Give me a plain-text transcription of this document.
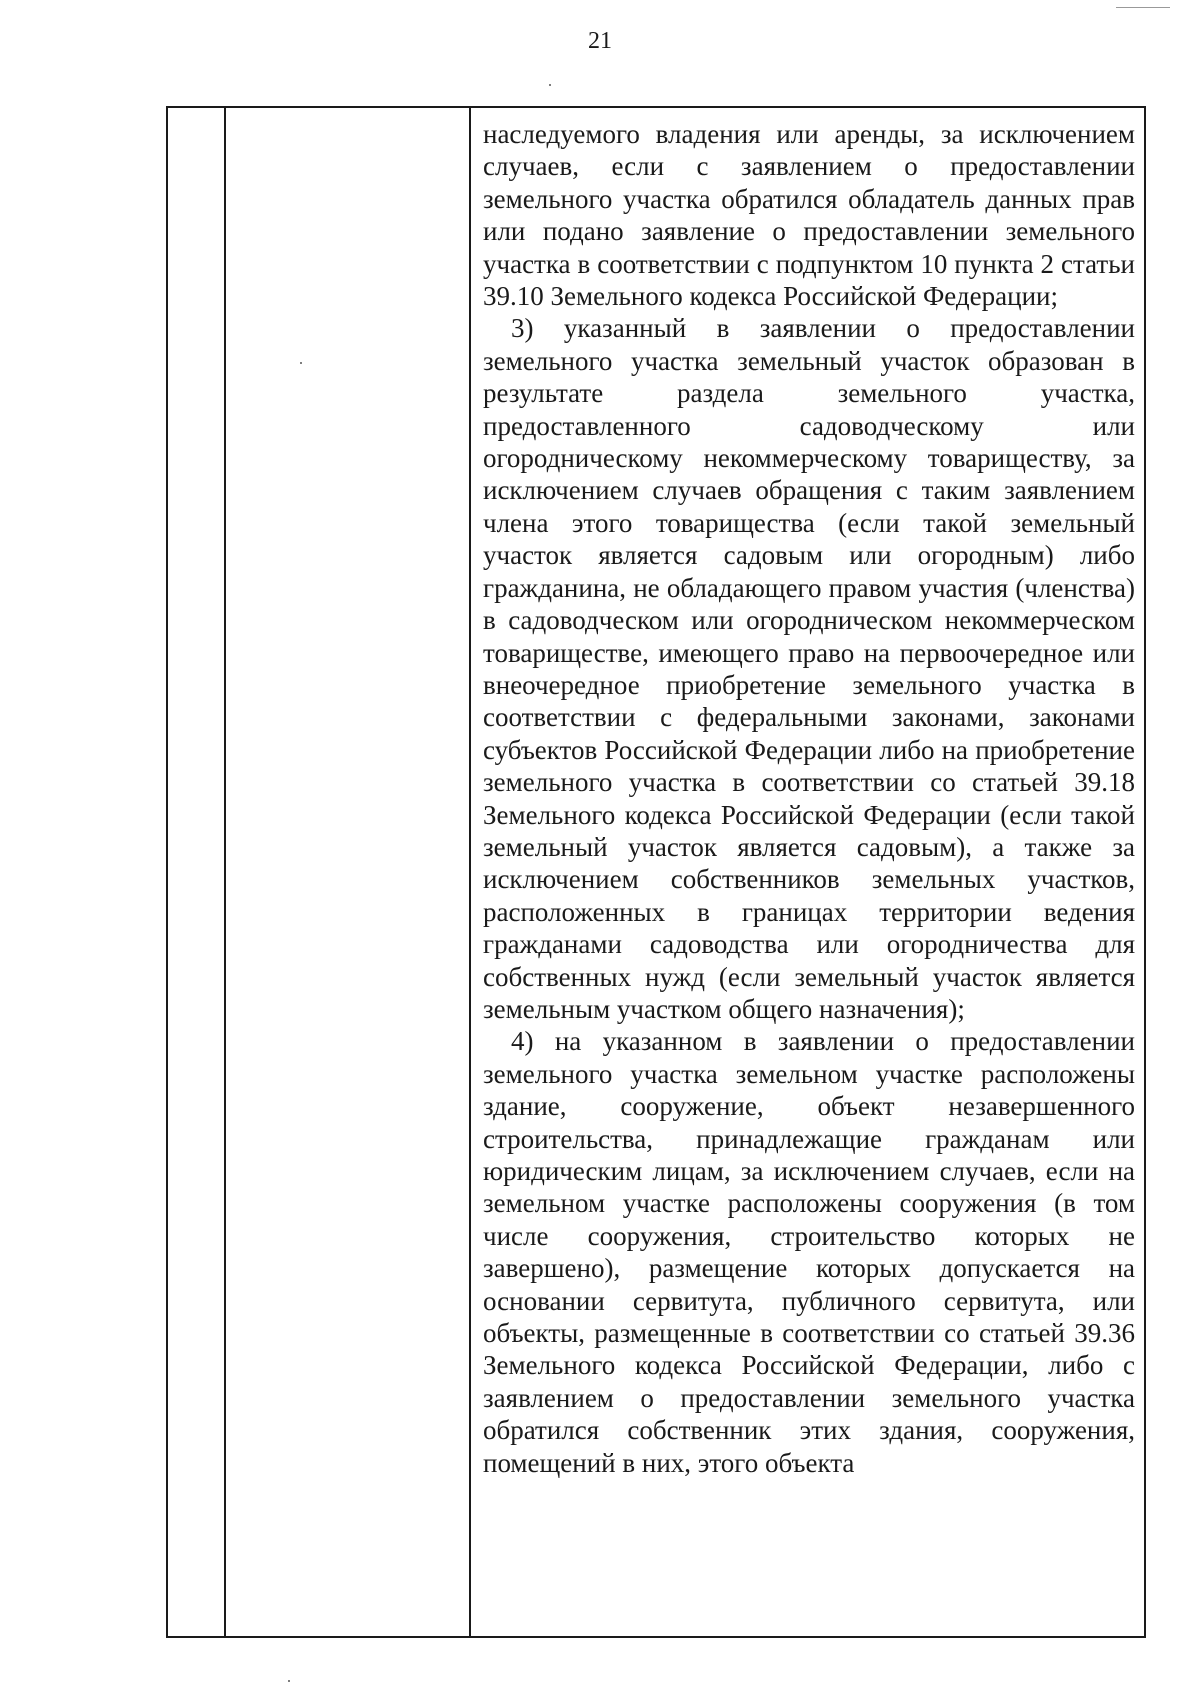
21

наследуемого владения или аренды, за исключением случаев, если с заявлением о предоставлении земельного участка обратился обладатель данных прав или подано заявление о предоставлении земельного участка в соответствии с подпунктом 10 пункта 2 статьи 39.10 Земельного кодекса Российской Федерации;

3) указанный в заявлении о предоставлении земельного участка земельный участок образован в результате раздела земельного участка, предоставленного садоводческому или огородническому некоммерческому товариществу, за исключением случаев обращения с таким заявлением члена этого товарищества (если такой земельный участок является садовым или огородным) либо гражданина, не обладающего правом участия (членства) в садоводческом или огородническом некоммерческом товариществе, имеющего право на первоочередное или внеочередное приобретение земельного участка в соответствии с федеральными законами, законами субъектов Российской Федерации либо на приобретение земельного участка в соответствии со статьей 39.18 Земельного кодекса Российской Федерации (если такой земельный участок является садовым), а также за исключением собственников земельных участков, расположенных в границах территории ведения гражданами садоводства или огородничества для собственных нужд (если земельный участок является земельным участком общего назначения);

4) на указанном в заявлении о предоставлении земельного участка земельном участке расположены здание, сооружение, объект незавершенного строительства, принадлежащие гражданам или юридическим лицам, за исключением случаев, если на земельном участке расположены сооружения (в том числе сооружения, строительство которых не завершено), размещение которых допускается на основании сервитута, публичного сервитута, или объекты, размещенные в соответствии со статьей 39.36 Земельного кодекса Российской Федерации, либо с заявлением о предоставлении земельного участка обратился собственник этих здания, сооружения, помещений в них, этого объекта
